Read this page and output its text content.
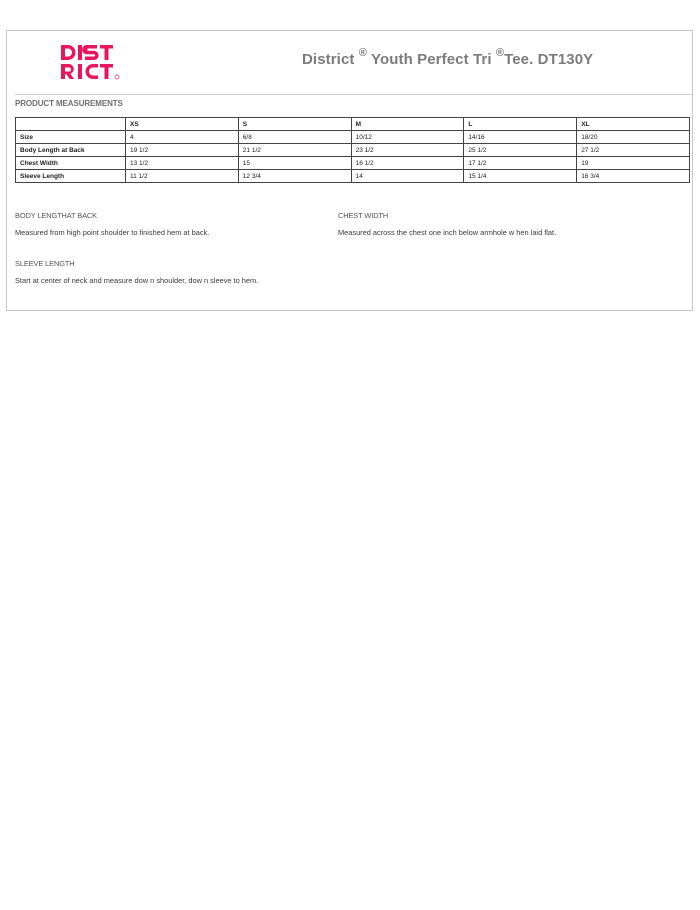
District ® Youth Perfect Tri ®Tee. DT130Y
PRODUCT MEASUREMENTS
	XS	S	M	L	XL
Size	4	6/8	10/12	14/16	18/20
Body Length at Back	19 1/2	21 1/2	23 1/2	25 1/2	27 1/2
Chest Width	13 1/2	15	16 1/2	17 1/2	19
Sleeve Length	11 1/2	12 3/4	14	15 1/4	16 3/4
BODY LENGTHAT BACK
Measured from high point shoulder to finished hem at back.
CHEST WIDTH
Measured across the chest one inch below armhole w hen laid flat.
SLEEVE LENGTH
Start at center of neck and measure dow n shoulder, dow n sleeve to hem.
